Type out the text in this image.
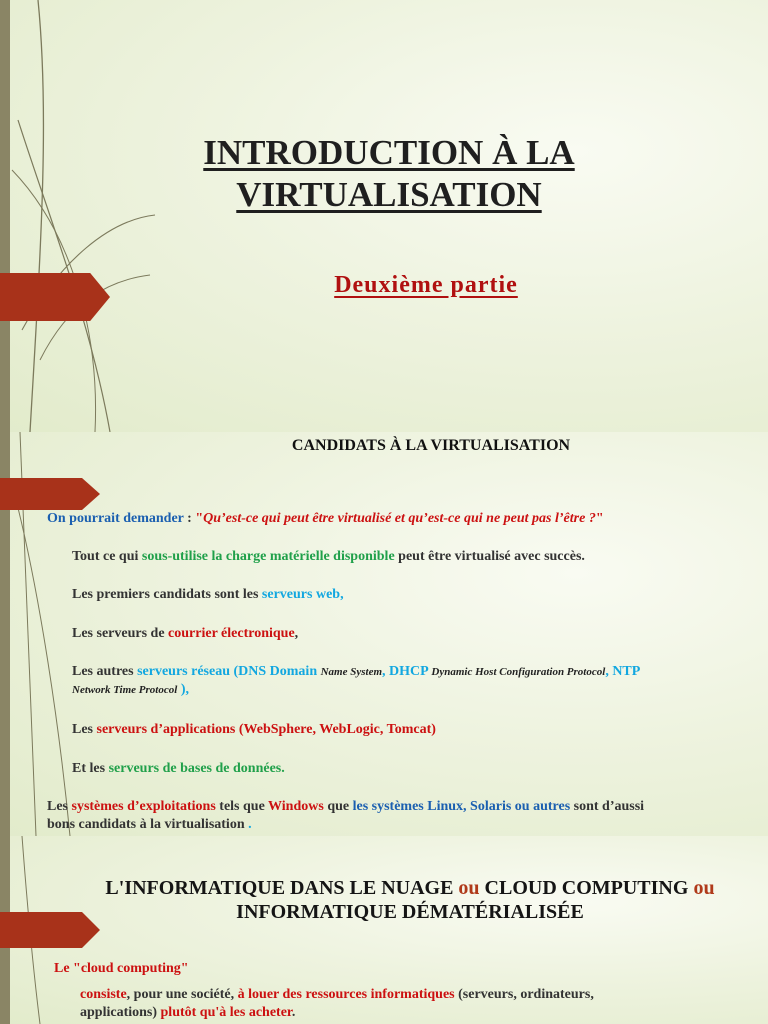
INTRODUCTION À LA
VIRTUALISATION
Deuxième partie
CANDIDATS À LA VIRTUALISATION
On pourrait demander : "Qu’est-ce qui peut être virtualisé et qu’est-ce qui ne peut pas l’être ?"
Tout ce qui sous-utilise la charge matérielle disponible peut être virtualisé avec succès.
Les premiers candidats sont les serveurs web,
Les serveurs de courrier électronique,
Les autres serveurs réseau (DNS Domain Name System, DHCP Dynamic Host Configuration Protocol, NTP
Network Time Protocol ),
Les serveurs d’applications (WebSphere, WebLogic, Tomcat)
Et les serveurs de bases de données.
Les systèmes d’exploitations tels que Windows que les systèmes Linux, Solaris ou autres sont d’aussi
bons candidats à la virtualisation .
L'INFORMATIQUE DANS LE NUAGE ou CLOUD COMPUTING ou
INFORMATIQUE DÉMATÉRIALISÉE
Le "cloud computing"
consiste, pour une société, à louer des ressources informatiques (serveurs, ordinateurs,
applications) plutôt qu'à les acheter.
